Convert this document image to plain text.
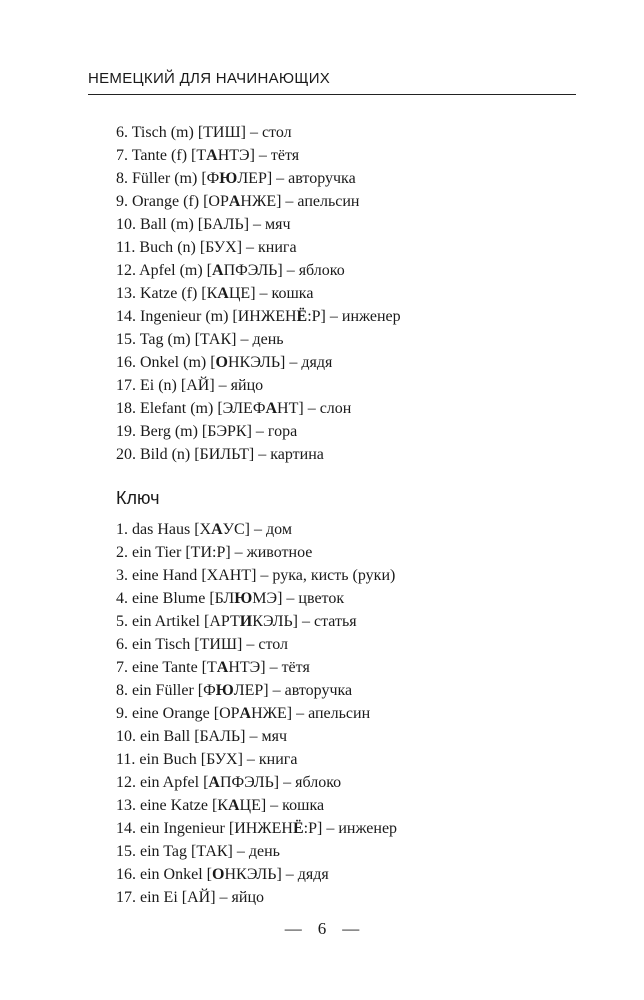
НЕМЕЦКИЙ ДЛЯ НАЧИНАЮЩИХ
6. Tisch (m) [ТИШ] – стол
7. Tante (f) [ТАНТЭ] – тётя
8. Füller (m) [ФЮЛЕР] – авторучка
9. Orange (f) [ОРАНЖЕ] – апельсин
10. Ball (m) [БАЛЬ] – мяч
11. Buch (n) [БУХ] – книга
12. Apfel (m) [АПФЭЛЬ] – яблоко
13. Katze (f) [КАЦЕ] – кошка
14. Ingenieur (m) [ИНЖЕНЁ:Р] – инженер
15. Tag (m) [ТАК] – день
16. Onkel (m) [ОНКЭЛЬ] – дядя
17. Ei (n) [АЙ] – яйцо
18. Elefant (m) [ЭЛЕФАНТ] – слон
19. Berg (m) [БЭРК] – гора
20. Bild (n) [БИЛЬТ] – картина
Ключ
1. das Haus [ХАУС] – дом
2. ein Tier [ТИ:Р] – животное
3. eine Hand [ХАНТ] – рука, кисть (руки)
4. eine Blume [БЛЮМЭ] – цветок
5. ein Artikel [АРТИКЭЛЬ] – статья
6. ein Tisch [ТИШ] – стол
7. eine Tante [ТАНТЭ] – тётя
8. ein Füller [ФЮЛЕР] – авторучка
9. eine Orange [ОРАНЖЕ] – апельсин
10. ein Ball [БАЛЬ] – мяч
11. ein Buch [БУХ] – книга
12. ein Apfel [АПФЭЛЬ] – яблоко
13. eine Katze [КАЦЕ] – кошка
14. ein Ingenieur [ИНЖЕНЁ:Р] – инженер
15. ein Tag [ТАК] – день
16. ein Onkel [ОНКЭЛЬ] – дядя
17. ein Ei [АЙ] – яйцо
— 6 —
